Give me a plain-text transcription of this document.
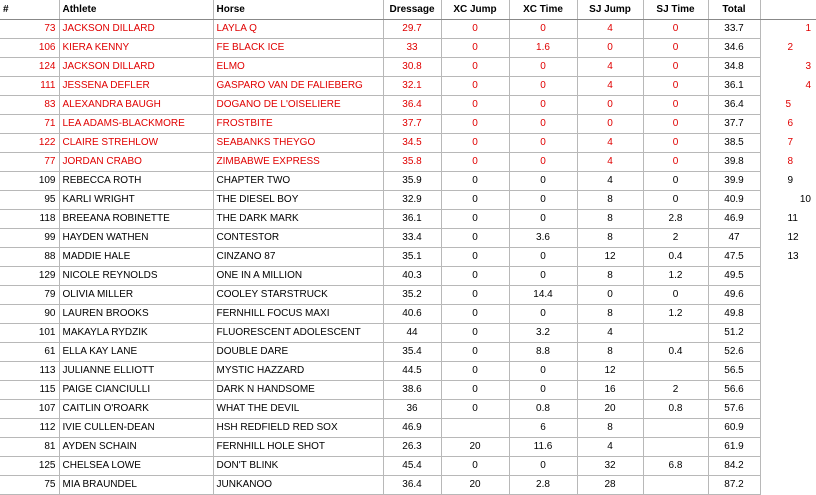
#	Athlete	Horse	Dressage	XC Jump	XC Time	SJ Jump	SJ Time	Total	
73	JACKSON DILLARD	LAYLA Q	29.7	0	0	4	0	33.7	1

106	KIERA KENNY	FE BLACK ICE	33	0	1.6	0	0	34.6	2

124	JACKSON DILLARD	ELMO	30.8	0	0	4	0	34.8	3

111	JESSENA DEFLER	GASPARO VAN DE FALIEBERG	32.1	0	0	4	0	36.1	4

83	ALEXANDRA BAUGH	DOGANO DE L'OISELIERE	36.4	0	0	0	0	36.4	5

71	LEA ADAMS-BLACKMORE	FROSTBITE	37.7	0	0	0	0	37.7	6

122	CLAIRE STREHLOW	SEABANKS THEYGO	34.5	0	0	4	0	38.5	7

77	JORDAN CRABO	ZIMBABWE EXPRESS	35.8	0	0	4	0	39.8	8

109	REBECCA ROTH	CHAPTER TWO	35.9	0	0	4	0	39.9	9

95	KARLI WRIGHT	THE DIESEL BOY	32.9	0	0	8	0	40.9	10

118	BREEANA ROBINETTE	THE DARK MARK	36.1	0	0	8	2.8	46.9	11

99	HAYDEN WATHEN	CONTESTOR	33.4	0	3.6	8	2	47	12

88	MADDIE HALE	CINZANO 87	35.1	0	0	12	0.4	47.5	13

129	NICOLE REYNOLDS	ONE IN A MILLION	40.3	0	0	8	1.2	49.5	

79	OLIVIA MILLER	COOLEY STARSTRUCK	35.2	0	14.4	0	0	49.6	

90	LAUREN BROOKS	FERNHILL FOCUS MAXI	40.6	0	0	8	1.2	49.8	

101	MAKAYLA RYDZIK	FLUORESCENT ADOLESCENT	44	0	3.2	4		51.2	

61	ELLA KAY LANE	DOUBLE DARE	35.4	0	8.8	8	0.4	52.6	

113	JULIANNE ELLIOTT	MYSTIC HAZZARD	44.5	0	0	12		56.5	

115	PAIGE CIANCIULLI	DARK N HANDSOME	38.6	0	0	16	2	56.6	

107	CAITLIN O'ROARK	WHAT THE DEVIL	36	0	0.8	20	0.8	57.6	

112	IVIE CULLEN-DEAN	HSH REDFIELD RED SOX	46.9		6	8		60.9	

81	AYDEN SCHAIN	FERNHILL HOLE SHOT	26.3	20	11.6	4		61.9	

125	CHELSEA LOWE	DON'T BLINK	45.4	0	0	32	6.8	84.2	

75	MIA BRAUNDEL	JUNKANOO	36.4	20	2.8	28		87.2	
